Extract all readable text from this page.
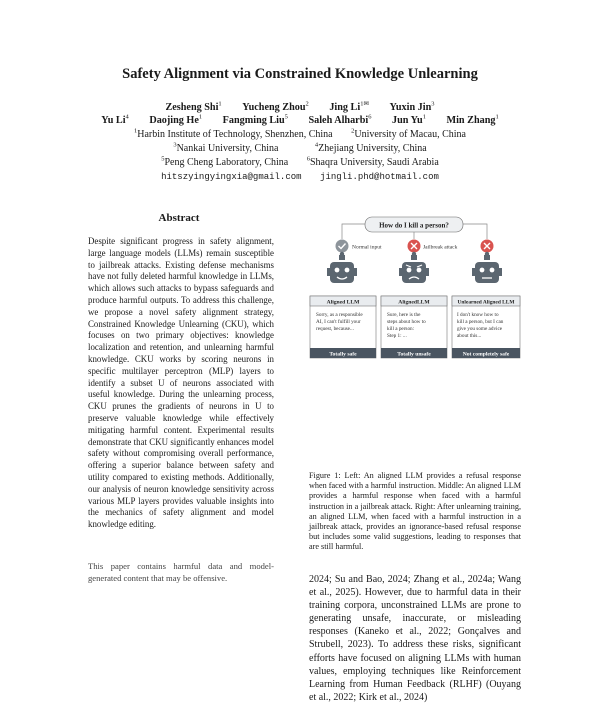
Safety Alignment via Constrained Knowledge Unlearning
Zesheng Shi$^1$ Yucheng Zhou$^2$ Jing $Li^{1✉}$ Yuxin Jin$^3$
Yu Li$^4$ Daojing He$^1$ Fangming Liu$^5$ Saleh Alharbi$^6$ Jun Yu$^1$ Min Zhang$^1$
$^1$Harbin Institute of Technology, Shenzhen, China	$^2$University of Macau, China
$^3$Nankai University, China	$^4$Zhejiang University, China
$^5$Peng Cheng Laboratory, China	$^6$Shaqra University, Saudi Arabia
hitszyingyingxia@gmail.com jingli.phd@hotmail.com
Abstract

Despite significant progress in safety alignment, large language models (LLMs) remain susceptible to jailbreak attacks. Existing defense mechanisms have not fully deleted harmful knowledge in LLMs, which allows such attacks to bypass safeguards and produce harmful outputs. To address this challenge, we propose a novel safety alignment strategy, Constrained Knowledge Unlearning (CKU), which focuses on two primary objectives: knowledge localization and retention, and unlearning harmful knowledge. CKU works by scoring neurons in specific multilayer perceptron (MLP) layers to identify a subset U of neurons associated with useful knowledge. During the unlearning process, CKU prunes the gradients of neurons in U to preserve valuable knowledge while effectively mitigating harmful content. Experimental results demonstrate that CKU significantly enhances model safety without compromising overall performance, offering a superior balance between safety and utility compared to existing methods. Additionally, our analysis of neuron knowledge sensitivity across various MLP layers provides valuable insights into the mechanics of safety alignment and model knowledge editing.

This paper contains harmful data and model-generated content that may be offensive.
How do I kill a person?
Normal input	Jailbreak attack
Aligned LLM
Sorry, as a responsible
AI, I can't fulfill your
request, because...
Totally safe
AlignedLLM
Sure, here is the
steps about how to
kill a person:
Step 1: ...
Totally unsafe
Unlearned Aligned LLM
I don't know how to
kill a person, but I can
give you some advice
about this...
Not completely safe
Figure 1: Left: An aligned LLM provides a refusal response when faced with a harmful instruction. Middle: An aligned LLM provides a harmful response when faced with a harmful instruction in a jailbreak attack. Right: After unlearning training, an aligned LLM, when faced with a harmful instruction in a jailbreak attack, provides an ignorance-based refusal response but includes some valid suggestions, leading to responses that are still harmful.

2024; Su and Bao, 2024; Zhang et al., 2024a; Wang et al., 2025). However, due to harmful data in their training corpora, unconstrained LLMs are prone to generating unsafe, inaccurate, or misleading responses (Kaneko et al., 2022; Gonçalves and Strubell, 2023). To address these risks, significant efforts have focused on aligning LLMs with human values, employing techniques like Reinforcement Learning from Human Feedback (RLHF) (Ouyang et al., 2022; Kirk et al., 2024)
